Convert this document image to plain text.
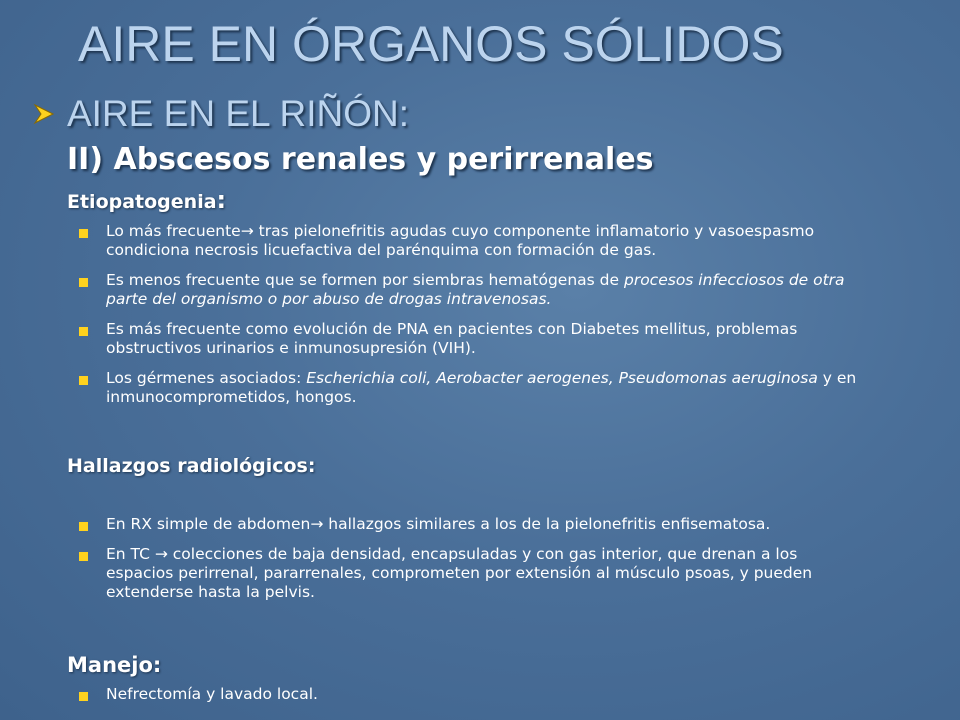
AIRE EN ÓRGANOS SÓLIDOS
AIRE EN EL RIÑÓN:
II) Abscesos renales y perirrenales
Etiopatogenia:
Lo más frecuente→ tras pielonefritis agudas cuyo componente inflamatorio y vasoespasmo condiciona necrosis licuefactiva del parénquima con formación de gas.
Es menos frecuente que se formen por siembras hematógenas de procesos infecciosos de otra parte del organismo o por abuso de drogas intravenosas.
Es más frecuente como evolución de PNA en pacientes con Diabetes mellitus, problemas obstructivos urinarios e inmunosupresión (VIH).
Los gérmenes asociados: Escherichia coli, Aerobacter aerogenes, Pseudomonas aeruginosa y en inmunocomprometidos, hongos.
Hallazgos radiológicos:
En RX simple de abdomen→ hallazgos similares a los de la pielonefritis enfisematosa.
En TC → colecciones de baja densidad, encapsuladas y con gas interior, que drenan a los espacios perirrenal, pararrenales, comprometen por extensión al músculo psoas, y pueden extenderse hasta la pelvis.
Manejo:
Nefrectomía y lavado local.
